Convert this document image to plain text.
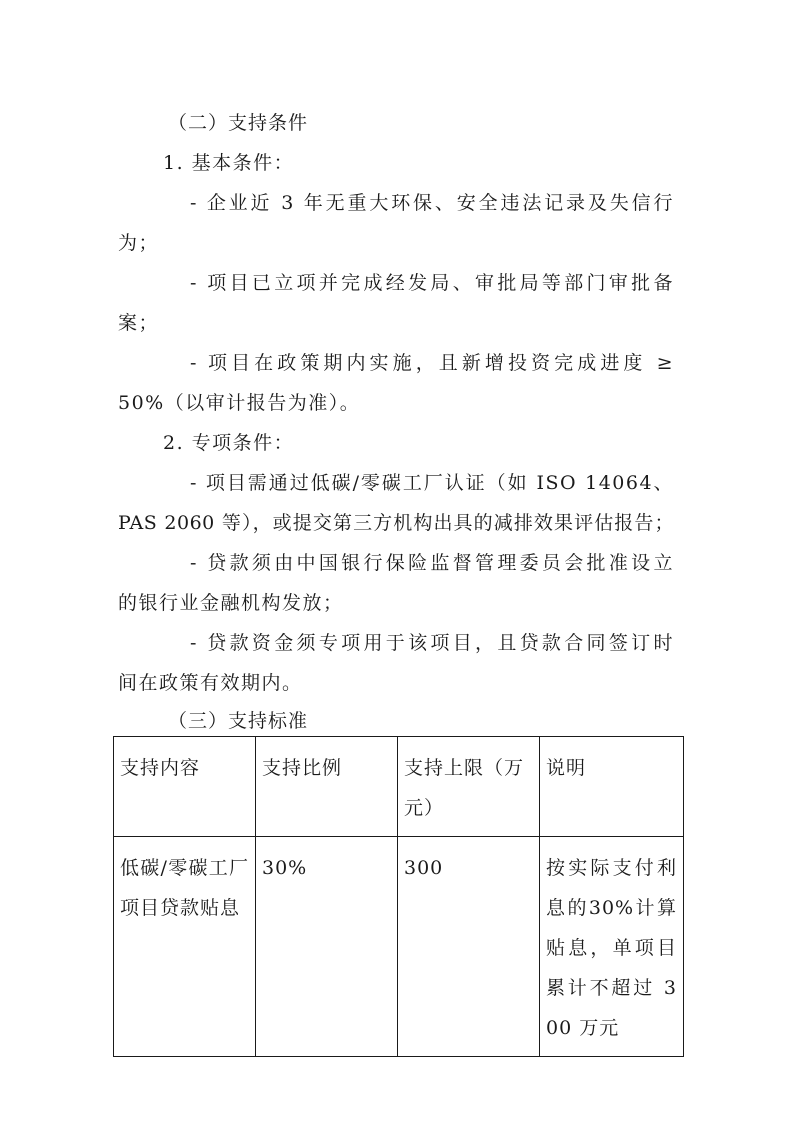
（二）支持条件
1. 基本条件：
- 企业近 3 年无重大环保、安全违法记录及失信行
为；
- 项目已立项并完成经发局、审批局等部门审批备
案；
- 项目在政策期内实施，且新增投资完成进度 ≥
50%（以审计报告为准）。
2. 专项条件：
- 项目需通过低碳/零碳工厂认证（如 ISO 14064、
PAS 2060 等），或提交第三方机构出具的减排效果评估报告；
- 贷款须由中国银行保险监督管理委员会批准设立
的银行业金融机构发放；
- 贷款资金须专项用于该项目，且贷款合同签订时
间在政策有效期内。
（三）支持标准
支持内容	支持比例	支持上限（万元）	说明
低碳/零碳工厂项目贷款贴息	30%	300	按实际支付利息的30%计算贴息，单项目累计不超过 300 万元
